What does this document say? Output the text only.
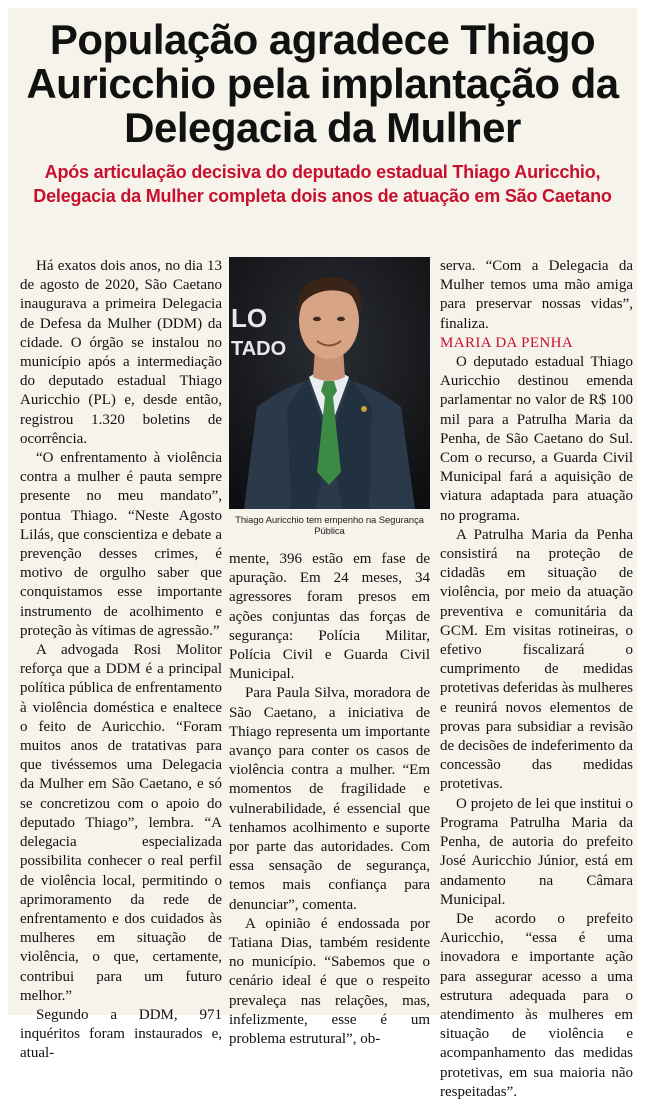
População agradece Thiago Auricchio pela implantação da Delegacia da Mulher
Após articulação decisiva do deputado estadual Thiago Auricchio, Delegacia da Mulher completa dois anos de atuação em São Caetano

Há exatos dois anos, no dia 13 de agosto de 2020, São Caetano inaugurava a primeira Delegacia de Defesa da Mulher (DDM) da cidade. O órgão se instalou no município após a intermediação do deputado estadual Thiago Auricchio (PL) e, desde então, registrou 1.320 boletins de ocorrência.

“O enfrentamento à violência contra a mulher é pauta sempre presente no meu mandato”, pontua Thiago. “Neste Agosto Lilás, que conscientiza e debate a prevenção desses crimes, é motivo de orgulho saber que conquistamos esse importante instrumento de acolhimento e proteção às vítimas de agressão.”

A advogada Rosi Molitor reforça que a DDM é a principal política pública de enfrentamento à violência doméstica e enaltece o feito de Auricchio. “Foram muitos anos de tratativas para que tivéssemos uma Delegacia da Mulher em São Caetano, e só se concretizou com o apoio do deputado Thiago”, lembra. “A delegacia especializada possibilita conhecer o real perfil de violência local, permitindo o aprimoramento da rede de enfrentamento e dos cuidados às mulheres em situação de violência, o que, certamente, contribui para um futuro melhor.”

Segundo a DDM, 971 inquéritos foram instaurados e, atual-

LO
TADO
Thiago Auricchio tem empenho na Segurança Pública

mente, 396 estão em fase de apuração. Em 24 meses, 34 agressores foram presos em ações conjuntas das forças de segurança: Polícia Militar, Polícia Civil e Guarda Civil Municipal.

Para Paula Silva, moradora de São Caetano, a iniciativa de Thiago representa um importante avanço para conter os casos de violência contra a mulher. “Em momentos de fragilidade e vulnerabilidade, é essencial que tenhamos acolhimento e suporte por parte das autoridades. Com essa sensação de segurança, temos mais confiança para denunciar”, comenta.

A opinião é endossada por Tatiana Dias, também residente no município. “Sabemos que o cenário ideal é que o respeito prevaleça nas relações, mas, infelizmente, esse é um problema estrutural”, ob-

serva. “Com a Delegacia da Mulher temos uma mão amiga para preservar nossas vidas”, finaliza.

MARIA DA PENHA

O deputado estadual Thiago Auricchio destinou emenda parlamentar no valor de R$ 100 mil para a Patrulha Maria da Penha, de São Caetano do Sul. Com o recurso, a Guarda Civil Municipal fará a aquisição de viatura adaptada para atuação no programa.

A Patrulha Maria da Penha consistirá na proteção de cidadãs em situação de violência, por meio da atuação preventiva e comunitária da GCM. Em visitas rotineiras, o efetivo fiscalizará o cumprimento de medidas protetivas deferidas às mulheres e reunirá novos elementos de provas para subsidiar a revisão de decisões de indeferimento da concessão das medidas protetivas.

O projeto de lei que institui o Programa Patrulha Maria da Penha, de autoria do prefeito José Auricchio Júnior, está em andamento na Câmara Municipal.

De acordo o prefeito Auricchio, “essa é uma inovadora e importante ação para assegurar acesso a uma estrutura adequada para o atendimento às mulheres em situação de violência e acompanhamento das medidas protetivas, em sua maioria não respeitadas”.
